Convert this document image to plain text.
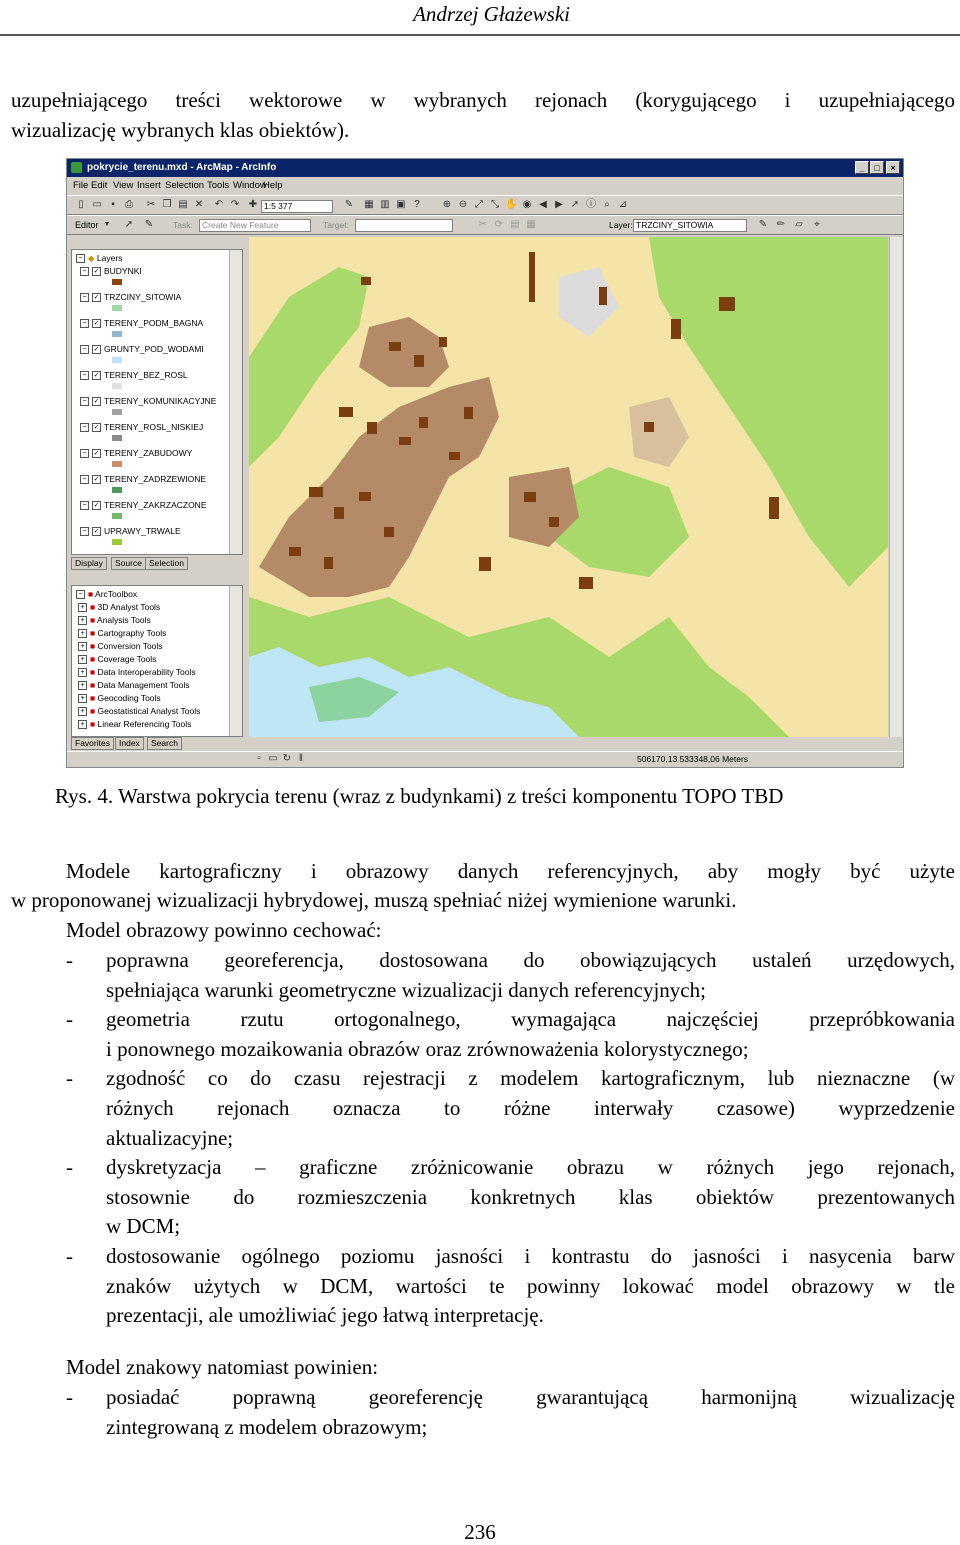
Andrzej Głażewski
uzupełniającego treści wektorowe w wybranych rejonach (korygującego i uzupełniającego
wizualizację wybranych klas obiektów).
pokrycie_terenu.mxd - ArcMap - ArcInfo	_	□	×
File Edit View Insert Selection Tools Window
Help
▯ ▭ ▪	⎙ ✂ ❐ ▤ ✕ ↶ ↷ ✚ 1:5 377	✎ ▦ ▥ ▣ ?	⊕ ⊖ ⤢ ⤡ ✋ ◉ ◀ ▶ ➚ ⓘ ⌕ ⊿
Editor ▼ ➚ ✎ Task:	Create New Feature	Target:	✂ ⟳ ▤ ▦	Layer: TRZCINY_SITOWIA	✎ ✏ ▱	⌖
− ◆ Layers
− ✓ BUDYNKI
− ✓ TRZCINY_SITOWIA
− ✓ TERENY_PODM_BAGNA
− ✓ GRUNTY_POD_WODAMI
− ✓ TERENY_BEZ_ROSL
− ✓ TERENY_KOMUNIKACYJNE
− ✓ TERENY_ROSL_NISKIEJ
− ✓ TERENY_ZABUDOWY
− ✓ TERENY_ZADRZEWIONE
− ✓ TERENY_ZAKRZACZONE
− ✓ UPRAWY_TRWALE
Display	Source Selection
− ■ ArcToolbox
+ ■ 3D Analyst Tools
+ ■ Analysis Tools
+ ■ Cartography Tools
+ ■ Conversion Tools
+ ■ Coverage Tools
+ ■ Data Interoperability Tools
+ ■ Data Management Tools
+ ■ Geocoding Tools
+ ■ Geostatistical Analyst Tools
+ ■ Linear Referencing Tools
Favorites	Index	Search
▫ ▭ ↻ ‖	506170,13 533348,06 Meters
Rys. 4. Warstwa pokrycia terenu (wraz z budynkami) z treści komponentu TOPO TBD
Modele kartograficzny i obrazowy danych referencyjnych, aby mogły być użyte
w proponowanej wizualizacji hybrydowej, muszą spełniać niżej wymienione warunki.
Model obrazowy powinno cechować:
- poprawna georeferencja, dostosowana do obowiązujących ustaleń urzędowych,
spełniająca warunki geometryczne wizualizacji danych referencyjnych;
- geometria rzutu ortogonalnego, wymagająca najczęściej przepróbkowania
i ponownego mozaikowania obrazów oraz zrównoważenia kolorystycznego;
- zgodność co do czasu rejestracji z modelem kartograficznym, lub nieznaczne (w
różnych rejonach oznacza to różne interwały czasowe) wyprzedzenie
aktualizacyjne;
- dyskretyzacja – graficzne zróżnicowanie obrazu w różnych jego rejonach,
stosownie do rozmieszczenia konkretnych klas obiektów prezentowanych
w DCM;
- dostosowanie ogólnego poziomu jasności i kontrastu do jasności i nasycenia barw
znaków użytych w DCM, wartości te powinny lokować model obrazowy w tle
prezentacji, ale umożliwiać jego łatwą interpretację.
Model znakowy natomiast powinien:
- posiadać poprawną georeferencję gwarantującą harmonijną wizualizację
zintegrowaną z modelem obrazowym;
236
